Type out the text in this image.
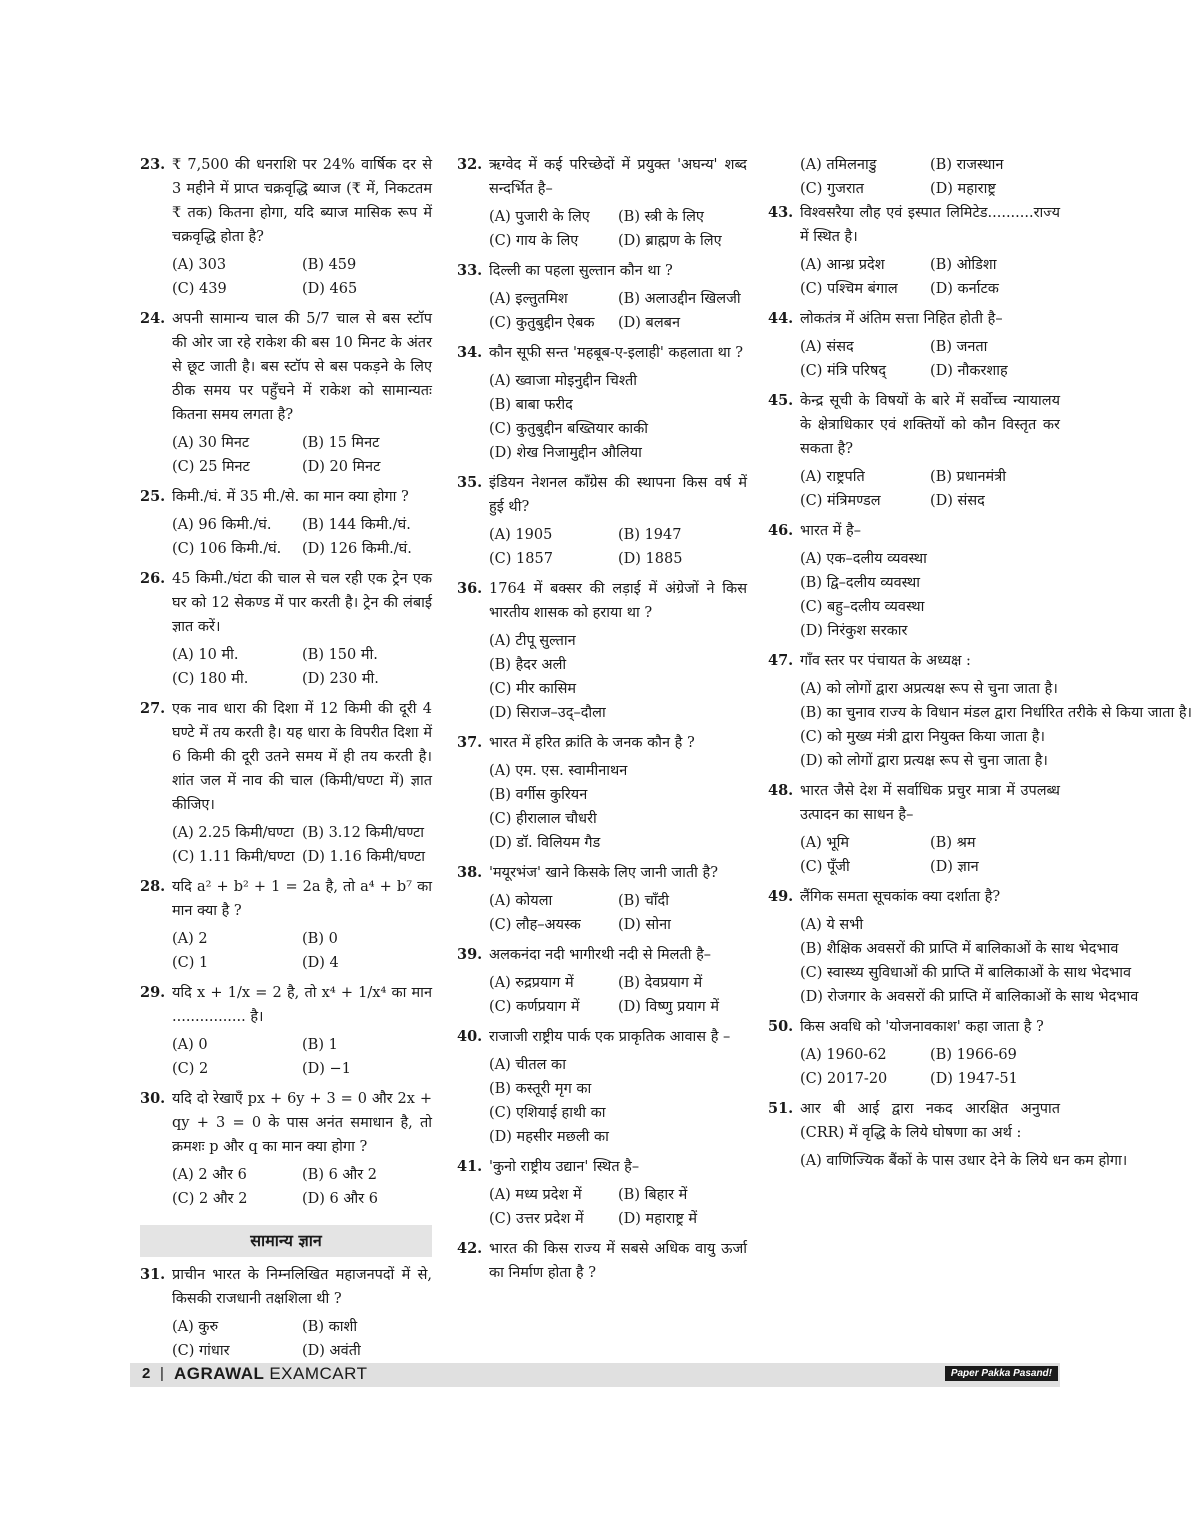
23. ₹ 7,500 की धनराशि पर 24% वार्षिक दर से 3 महीने में प्राप्त चक्रवृद्धि ब्याज (₹ में, निकटतम ₹ तक) कितना होगा, यदि ब्याज मासिक रूप में चक्रवृद्धि होता है?
(A) 303	(B) 459
(C) 439	(D) 465
24. अपनी सामान्य चाल की 5/7 चाल से बस स्टॉप की ओर जा रहे राकेश की बस 10 मिनट के अंतर से छूट जाती है। बस स्टॉप से बस पकड़ने के लिए ठीक समय पर पहुँचने में राकेश को सामान्यतः कितना समय लगता है?
(A) 30 मिनट	(B) 15 मिनट
(C) 25 मिनट	(D) 20 मिनट
25. किमी./घं. में 35 मी./से. का मान क्या होगा ?
(A) 96 किमी./घं.	(B) 144 किमी./घं.
(C) 106 किमी./घं.	(D) 126 किमी./घं.
26. 45 किमी./घंटा की चाल से चल रही एक ट्रेन एक घर को 12 सेकण्ड में पार करती है। ट्रेन की लंबाई ज्ञात करें।
(A) 10 मी.	(B) 150 मी.
(C) 180 मी.	(D) 230 मी.
27. एक नाव धारा की दिशा में 12 किमी की दूरी 4 घण्टे में तय करती है। यह धारा के विपरीत दिशा में 6 किमी की दूरी उतने समय में ही तय करती है। शांत जल में नाव की चाल (किमी/घण्टा में) ज्ञात कीजिए।
(A) 2.25 किमी/घण्टा (B) 3.12 किमी/घण्टा
(C) 1.11 किमी/घण्टा (D) 1.16 किमी/घण्टा
28. यदि a² + b² + 1 = 2a है, तो a⁴ + b⁷ का मान क्या है ?
(A) 2	(B) 0
(C) 1	(D) 4
29. यदि x + 1/x = 2 है, तो x⁴ + 1/x⁴ का मान ................ है।
(A) 0	(B) 1
(C) 2	(D) −1
30. यदि दो रेखाएँ px + 6y + 3 = 0 और 2x + qy + 3 = 0 के पास अनंत समाधान है, तो क्रमशः p और q का मान क्या होगा ?
(A) 2 और 6	(B) 6 और 2
(C) 2 और 2	(D) 6 और 6
सामान्य ज्ञान
31. प्राचीन भारत के निम्नलिखित महाजनपदों में से, किसकी राजधानी तक्षशिला थी ?
(A) कुरु	(B) काशी
(C) गांधार	(D) अवंती
32. ऋग्वेद में कई परिच्छेदों में प्रयुक्त 'अघन्य' शब्द सन्दर्भित है–
(A) पुजारी के लिए	(B) स्त्री के लिए
(C) गाय के लिए	(D) ब्राह्मण के लिए
33. दिल्ली का पहला सुल्तान कौन था ?
(A) इल्तुतमिश	(B) अलाउद्दीन खिलजी
(C) कुतुबुद्दीन ऐबक	(D) बलबन
34. कौन सूफी सन्त 'महबूब-ए-इलाही' कहलाता था ?
(A) ख्वाजा मोइनुद्दीन चिश्ती
(B) बाबा फरीद
(C) कुतुबुद्दीन बख्तियार काकी
(D) शेख निजामुद्दीन औलिया
35. इंडियन नेशनल कॉंग्रेस की स्थापना किस वर्ष में हुई थी?
(A) 1905	(B) 1947
(C) 1857	(D) 1885
36. 1764 में बक्सर की लड़ाई में अंग्रेजों ने किस भारतीय शासक को हराया था ?
(A) टीपू सुल्तान
(B) हैदर अली
(C) मीर कासिम
(D) सिराज–उद्–दौला
37. भारत में हरित क्रांति के जनक कौन है ?
(A) एम. एस. स्वामीनाथन
(B) वर्गीस कुरियन
(C) हीरालाल चौधरी
(D) डॉ. विलियम गैड
38. 'मयूरभंज' खाने किसके लिए जानी जाती है?
(A) कोयला	(B) चाँदी
(C) लौह–अयस्क	(D) सोना
39. अलकनंदा नदी भागीरथी नदी से मिलती है–
(A) रुद्रप्रयाग में	(B) देवप्रयाग में
(C) कर्णप्रयाग में	(D) विष्णु प्रयाग में
40. राजाजी राष्ट्रीय पार्क एक प्राकृतिक आवास है –
(A) चीतल का
(B) कस्तूरी मृग का
(C) एशियाई हाथी का
(D) महसीर मछली का
41. 'कुनो राष्ट्रीय उद्यान' स्थित है–
(A) मध्य प्रदेश में	(B) बिहार में
(C) उत्तर प्रदेश में	(D) महाराष्ट्र में
42. भारत की किस राज्य में सबसे अधिक वायु ऊर्जा का निर्माण होता है ?
(A) तमिलनाडु	(B) राजस्थान
(C) गुजरात	(D) महाराष्ट्र
43. विश्वसरैया लौह एवं इस्पात लिमिटेड..........राज्य में स्थित है।
(A) आन्ध्र प्रदेश	(B) ओडिशा
(C) पश्चिम बंगाल	(D) कर्नाटक
44. लोकतंत्र में अंतिम सत्ता निहित होती है–
(A) संसद	(B) जनता
(C) मंत्रि परिषद्	(D) नौकरशाह
45. केन्द्र सूची के विषयों के बारे में सर्वोच्च न्यायालय के क्षेत्राधिकार एवं शक्तियों को कौन विस्तृत कर सकता है?
(A) राष्ट्रपति	(B) प्रधानमंत्री
(C) मंत्रिमण्डल	(D) संसद
46. भारत में है–
(A) एक–दलीय व्यवस्था
(B) द्वि–दलीय व्यवस्था
(C) बहु–दलीय व्यवस्था
(D) निरंकुश सरकार
47. गाँव स्तर पर पंचायत के अध्यक्ष :
(A) को लोगों द्वारा अप्रत्यक्ष रूप से चुना जाता है।
(B) का चुनाव राज्य के विधान मंडल द्वारा निर्धारित तरीके से किया जाता है।
(C) को मुख्य मंत्री द्वारा नियुक्त किया जाता है।
(D) को लोगों द्वारा प्रत्यक्ष रूप से चुना जाता है।
48. भारत जैसे देश में सर्वाधिक प्रचुर मात्रा में उपलब्ध उत्पादन का साधन है–
(A) भूमि	(B) श्रम
(C) पूँजी	(D) ज्ञान
49. लैंगिक समता सूचकांक क्या दर्शाता है?
(A) ये सभी
(B) शैक्षिक अवसरों की प्राप्ति में बालिकाओं के साथ भेदभाव
(C) स्वास्थ्य सुविधाओं की प्राप्ति में बालिकाओं के साथ भेदभाव
(D) रोजगार के अवसरों की प्राप्ति में बालिकाओं के साथ भेदभाव
50. किस अवधि को 'योजनावकाश' कहा जाता है ?
(A) 1960-62	(B) 1966-69
(C) 2017-20	(D) 1947-51
51. आर बी आई द्वारा नकद आरक्षित अनुपात (CRR) में वृद्धि के लिये घोषणा का अर्थ :
(A) वाणिज्यिक बैंकों के पास उधार देने के लिये धन कम होगा।
2 | AGRAWAL EXAMCART	Paper Pakka Pasand!
